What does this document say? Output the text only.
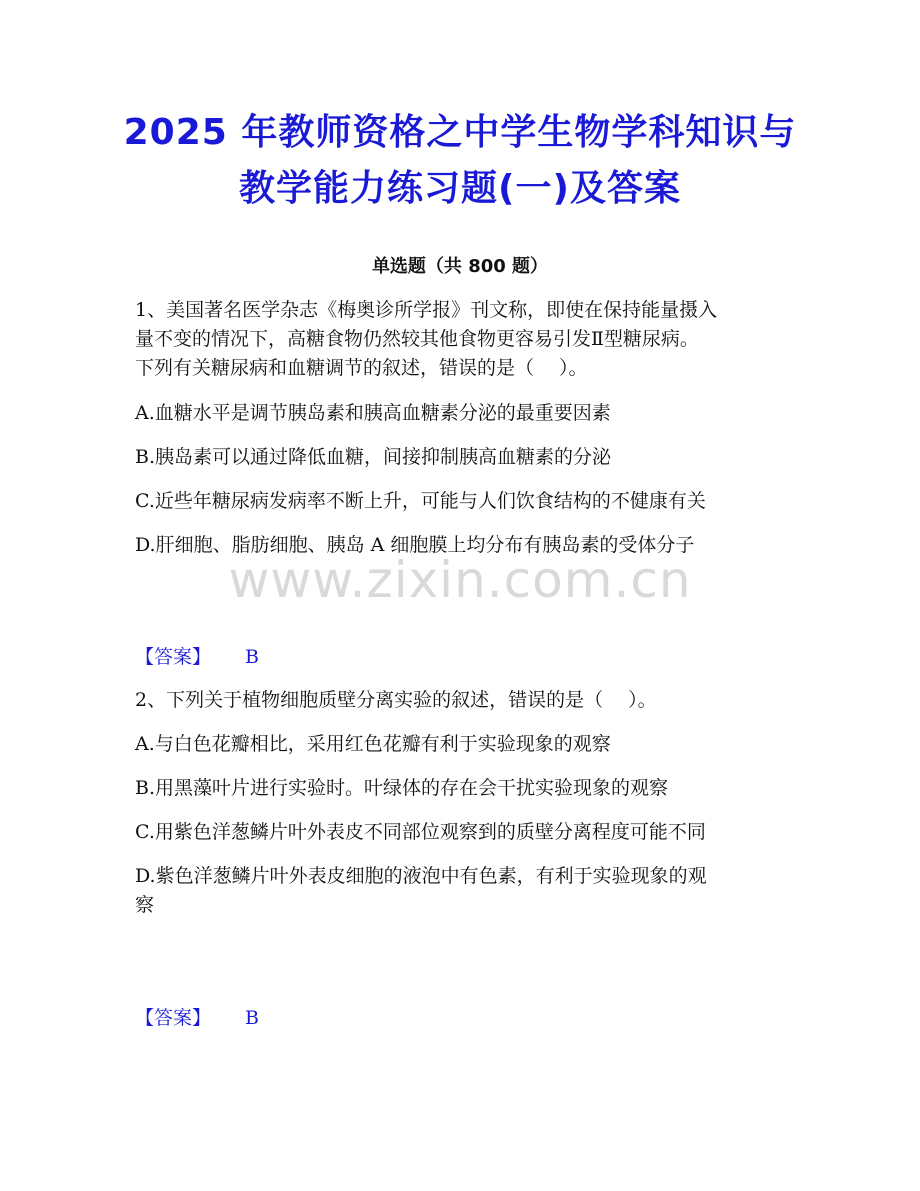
2025 年教师资格之中学生物学科知识与
教学能力练习题(一)及答案
单选题（共 800 题）
1、美国著名医学杂志《梅奥诊所学报》刊文称，即使在保持能量摄入
量不变的情况下，高糖食物仍然较其他食物更容易引发Ⅱ型糖尿病。
下列有关糖尿病和血糖调节的叙述，错误的是（　 ）。
A.血糖水平是调节胰岛素和胰高血糖素分泌的最重要因素
B.胰岛素可以通过降低血糖，间接抑制胰高血糖素的分泌
C.近些年糖尿病发病率不断上升，可能与人们饮食结构的不健康有关
D.肝细胞、脂肪细胞、胰岛 A 细胞膜上均分布有胰岛素的受体分子
www.zixin.com.cn
【答案】 B
2、下列关于植物细胞质壁分离实验的叙述，错误的是（　 ）。
A.与白色花瓣相比，采用红色花瓣有利于实验现象的观察
B.用黑藻叶片进行实验时。叶绿体的存在会干扰实验现象的观察
C.用紫色洋葱鳞片叶外表皮不同部位观察到的质壁分离程度可能不同
D.紫色洋葱鳞片叶外表皮细胞的液泡中有色素，有利于实验现象的观
察
【答案】 B
